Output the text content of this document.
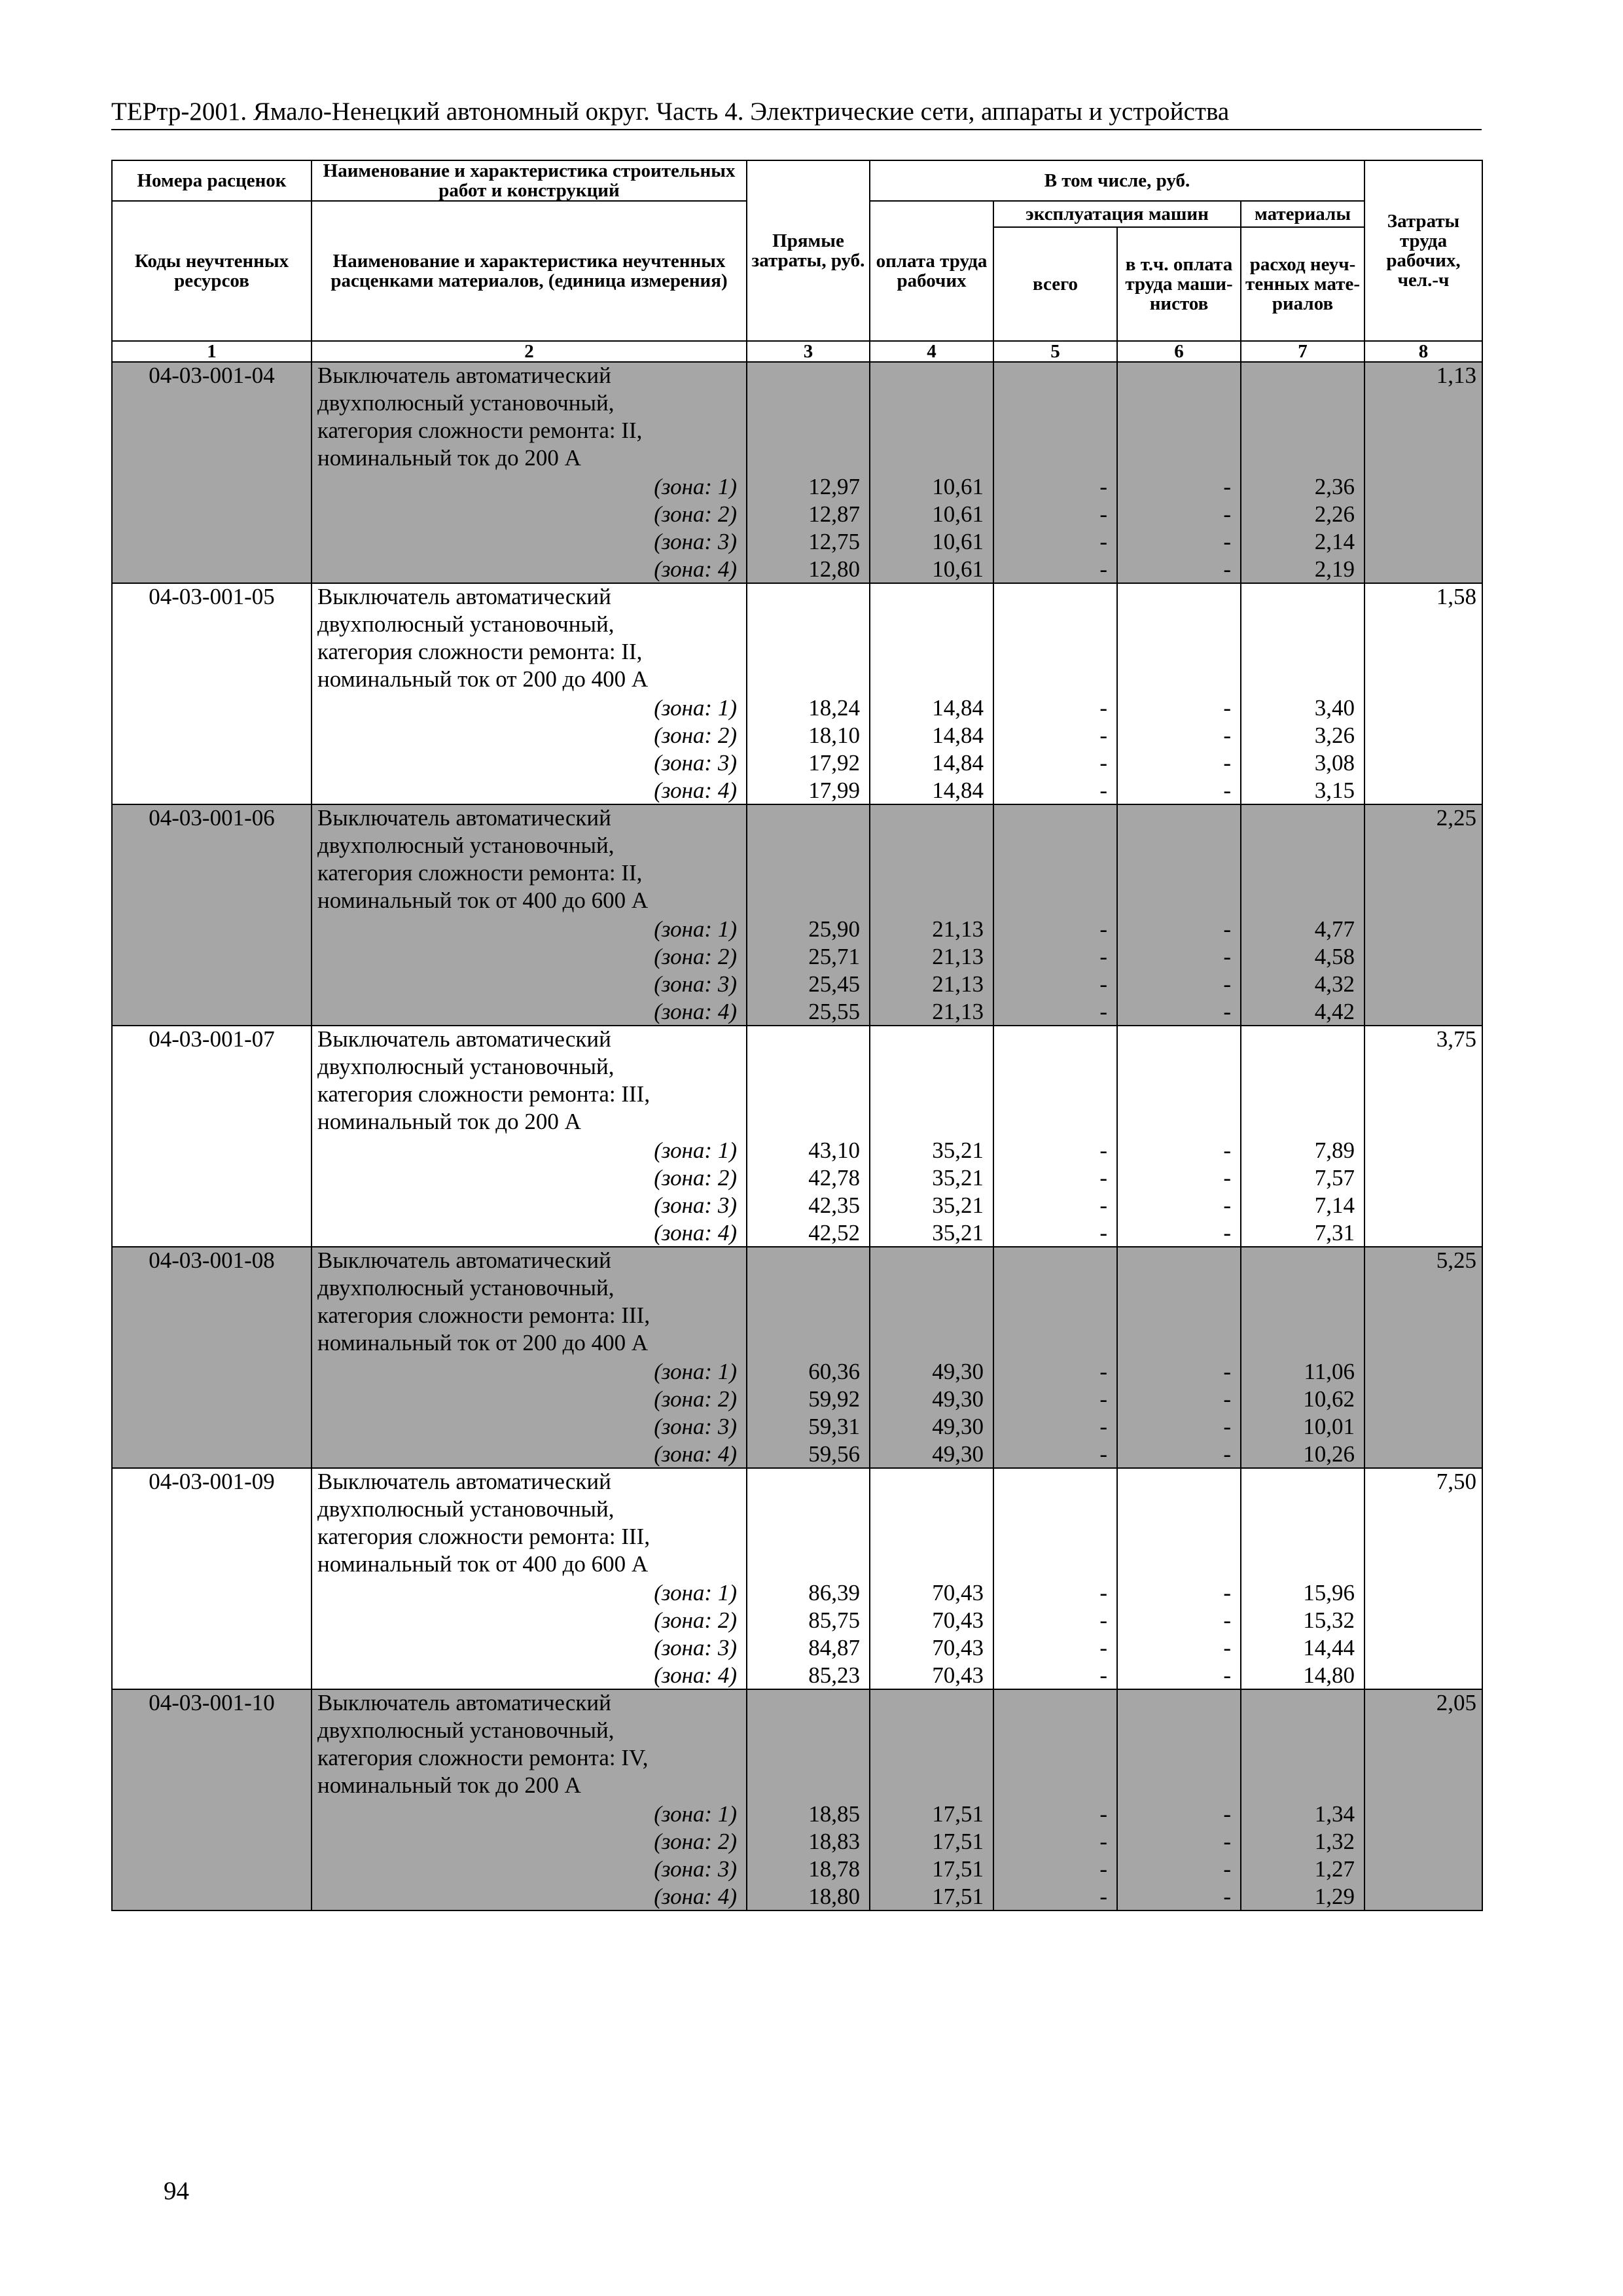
ТЕРтр-2001. Ямало-Ненецкий автономный округ. Часть 4. Электрические сети, аппараты и устройства
Номера расценок	Наименование и характеристика строительных работ и конструкций	Прямые затраты, руб.	В том числе, руб.				Затраты труда рабочих, чел.-ч
Коды неучтенных ресурсов	Наименование и характеристика неучтенных расценками материалов, (единица измерения)		оплата труда рабочих	эксплуатация машин		материалы	
				всего	в т.ч. оплата труда маши- нистов	расход неуч- тенных мате- риалов	

1	2	3	4	5	6	7	8
04-03-001-04	Выключатель автоматический						1,13
	двухполюсный установочный,						
	категория сложности ремонта: II,						
	номинальный ток до 200 А						
	(зона: 1)	12,97	10,61	-	-	2,36	
	(зона: 2)	12,87	10,61	-	-	2,26	
	(зона: 3)	12,75	10,61	-	-	2,14	
	(зона: 4)	12,80	10,61	-	-	2,19	
04-03-001-05	Выключатель автоматический						1,58
	двухполюсный установочный,						
	категория сложности ремонта: II,						
	номинальный ток от 200 до 400 А						
	(зона: 1)	18,24	14,84	-	-	3,40	
	(зона: 2)	18,10	14,84	-	-	3,26	
	(зона: 3)	17,92	14,84	-	-	3,08	
	(зона: 4)	17,99	14,84	-	-	3,15	
04-03-001-06	Выключатель автоматический						2,25
	двухполюсный установочный,						
	категория сложности ремонта: II,						
	номинальный ток от 400 до 600 А						
	(зона: 1)	25,90	21,13	-	-	4,77	
	(зона: 2)	25,71	21,13	-	-	4,58	
	(зона: 3)	25,45	21,13	-	-	4,32	
	(зона: 4)	25,55	21,13	-	-	4,42	
04-03-001-07	Выключатель автоматический						3,75
	двухполюсный установочный,						
	категория сложности ремонта: III,						
	номинальный ток до 200 А						
	(зона: 1)	43,10	35,21	-	-	7,89	
	(зона: 2)	42,78	35,21	-	-	7,57	
	(зона: 3)	42,35	35,21	-	-	7,14	
	(зона: 4)	42,52	35,21	-	-	7,31	
04-03-001-08	Выключатель автоматический						5,25
	двухполюсный установочный,						
	категория сложности ремонта: III,						
	номинальный ток от 200 до 400 А						
	(зона: 1)	60,36	49,30	-	-	11,06	
	(зона: 2)	59,92	49,30	-	-	10,62	
	(зона: 3)	59,31	49,30	-	-	10,01	
	(зона: 4)	59,56	49,30	-	-	10,26	
04-03-001-09	Выключатель автоматический						7,50
	двухполюсный установочный,						
	категория сложности ремонта: III,						
	номинальный ток от 400 до 600 А						
	(зона: 1)	86,39	70,43	-	-	15,96	
	(зона: 2)	85,75	70,43	-	-	15,32	
	(зона: 3)	84,87	70,43	-	-	14,44	
	(зона: 4)	85,23	70,43	-	-	14,80	
04-03-001-10	Выключатель автоматический						2,05
	двухполюсный установочный,						
	категория сложности ремонта: IV,						
	номинальный ток до 200 А						
	(зона: 1)	18,85	17,51	-	-	1,34	
	(зона: 2)	18,83	17,51	-	-	1,32	
	(зона: 3)	18,78	17,51	-	-	1,27	
	(зона: 4)	18,80	17,51	-	-	1,29	
94
